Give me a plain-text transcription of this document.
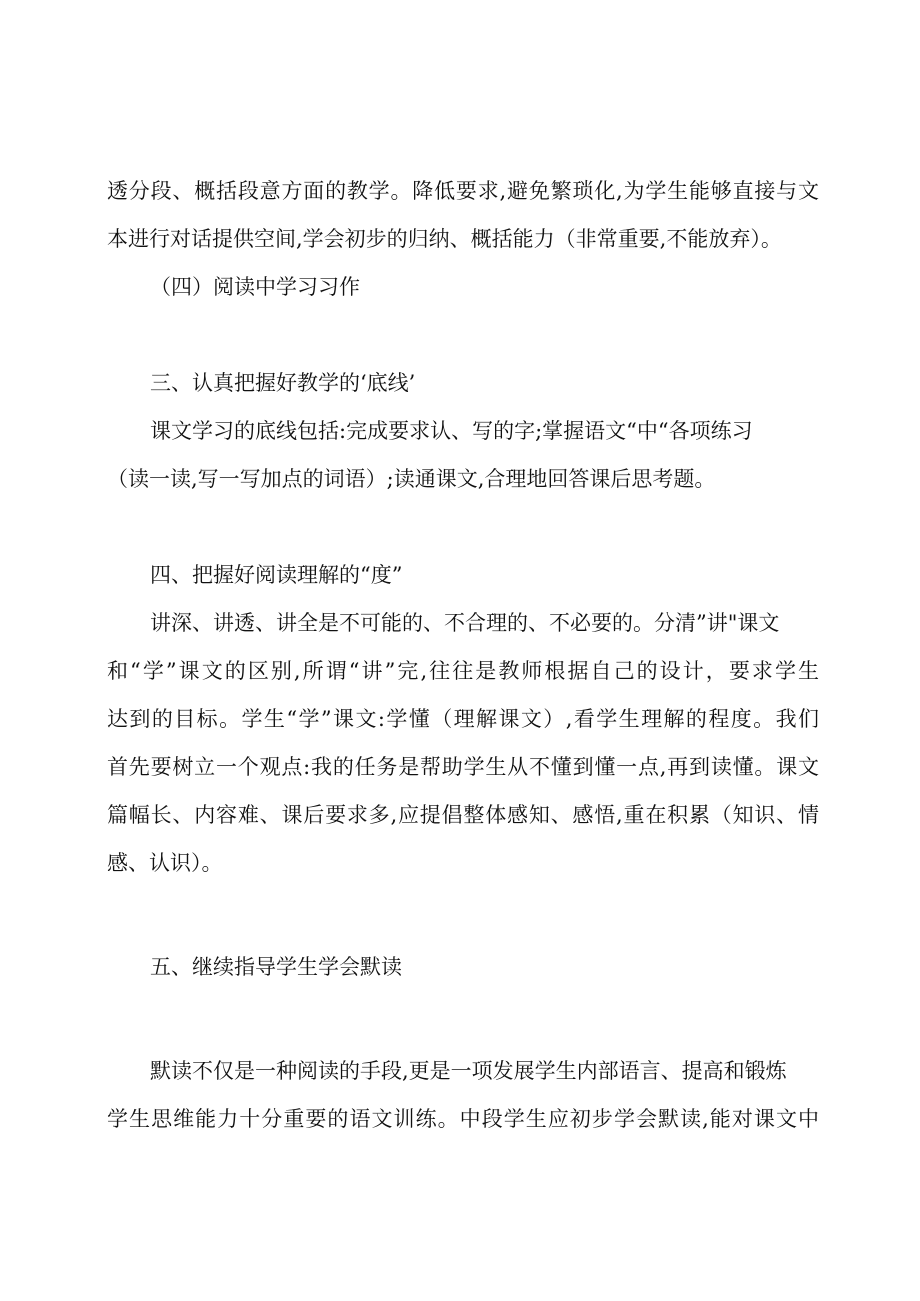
透分段、概括段意方面的教学。降低要求,避免繁琐化,为学生能够直接与文
本进行对话提供空间,学会初步的归纳、概括能力（非常重要,不能放弃）。
（四）阅读中学习习作
三、认真把握好教学的‘底线’
课文学习的底线包括:完成要求认、写的字;掌握语文“中“各项练习
（读一读,写一写加点的词语）;读通课文,合理地回答课后思考题。
四、把握好阅读理解的“度”
讲深、讲透、讲全是不可能的、不合理的、不必要的。分清”讲"课文
和“学”课文的区别,所谓“讲”完,往往是教师根据自己的设计，要求学生
达到的目标。学生“学”课文:学懂（理解课文）,看学生理解的程度。我们
首先要树立一个观点:我的任务是帮助学生从不懂到懂一点,再到读懂。课文
篇幅长、内容难、课后要求多,应提倡整体感知、感悟,重在积累（知识、情
感、认识）。
五、继续指导学生学会默读
默读不仅是一种阅读的手段,更是一项发展学生内部语言、提高和锻炼
学生思维能力十分重要的语文训练。中段学生应初步学会默读,能对课文中
